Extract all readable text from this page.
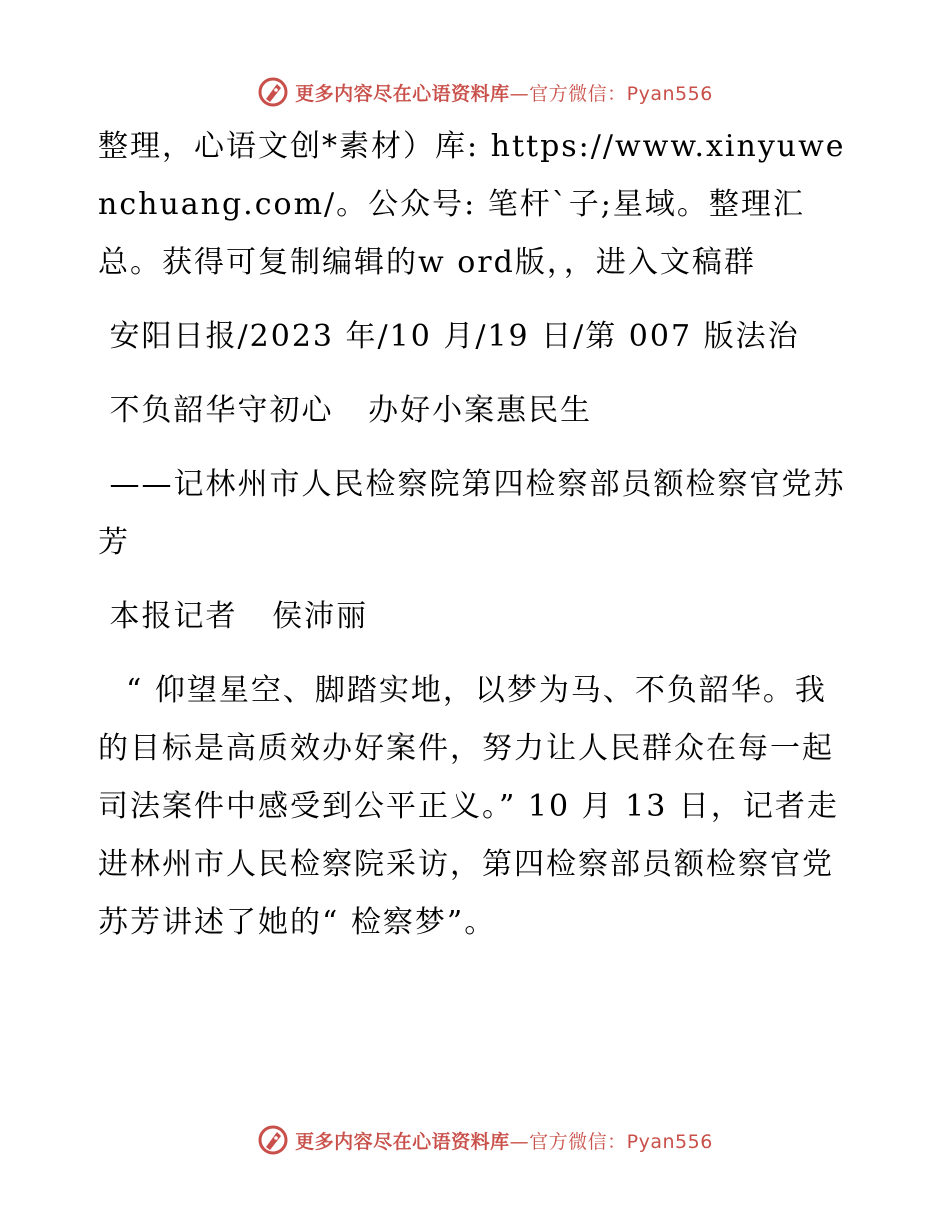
更多内容尽在心语资料库—官方微信：Pyan556

整理，心语文创*素材）库: https://www.xinyuwenchuang.com/。公众号: 笔杆`子;星域。整理汇总。获得可复制编辑的w ord版，，进入文稿群

安阳日报/2023 年/10 月/19 日/第 007 版法治

不负韶华守初心   办好小案惠民生

——记林州市人民检察院第四检察部员额检察官党苏芳

本报记者   侯沛丽

“ 仰望星空、脚踏实地，以梦为马、不负韶华。我的目标是高质效办好案件，努力让人民群众在每一起司法案件中感受到公平正义。” 10 月 13 日，记者走进林州市人民检察院采访，第四检察部员额检察官党苏芳讲述了她的“ 检察梦”。

更多内容尽在心语资料库—官方微信：Pyan556
